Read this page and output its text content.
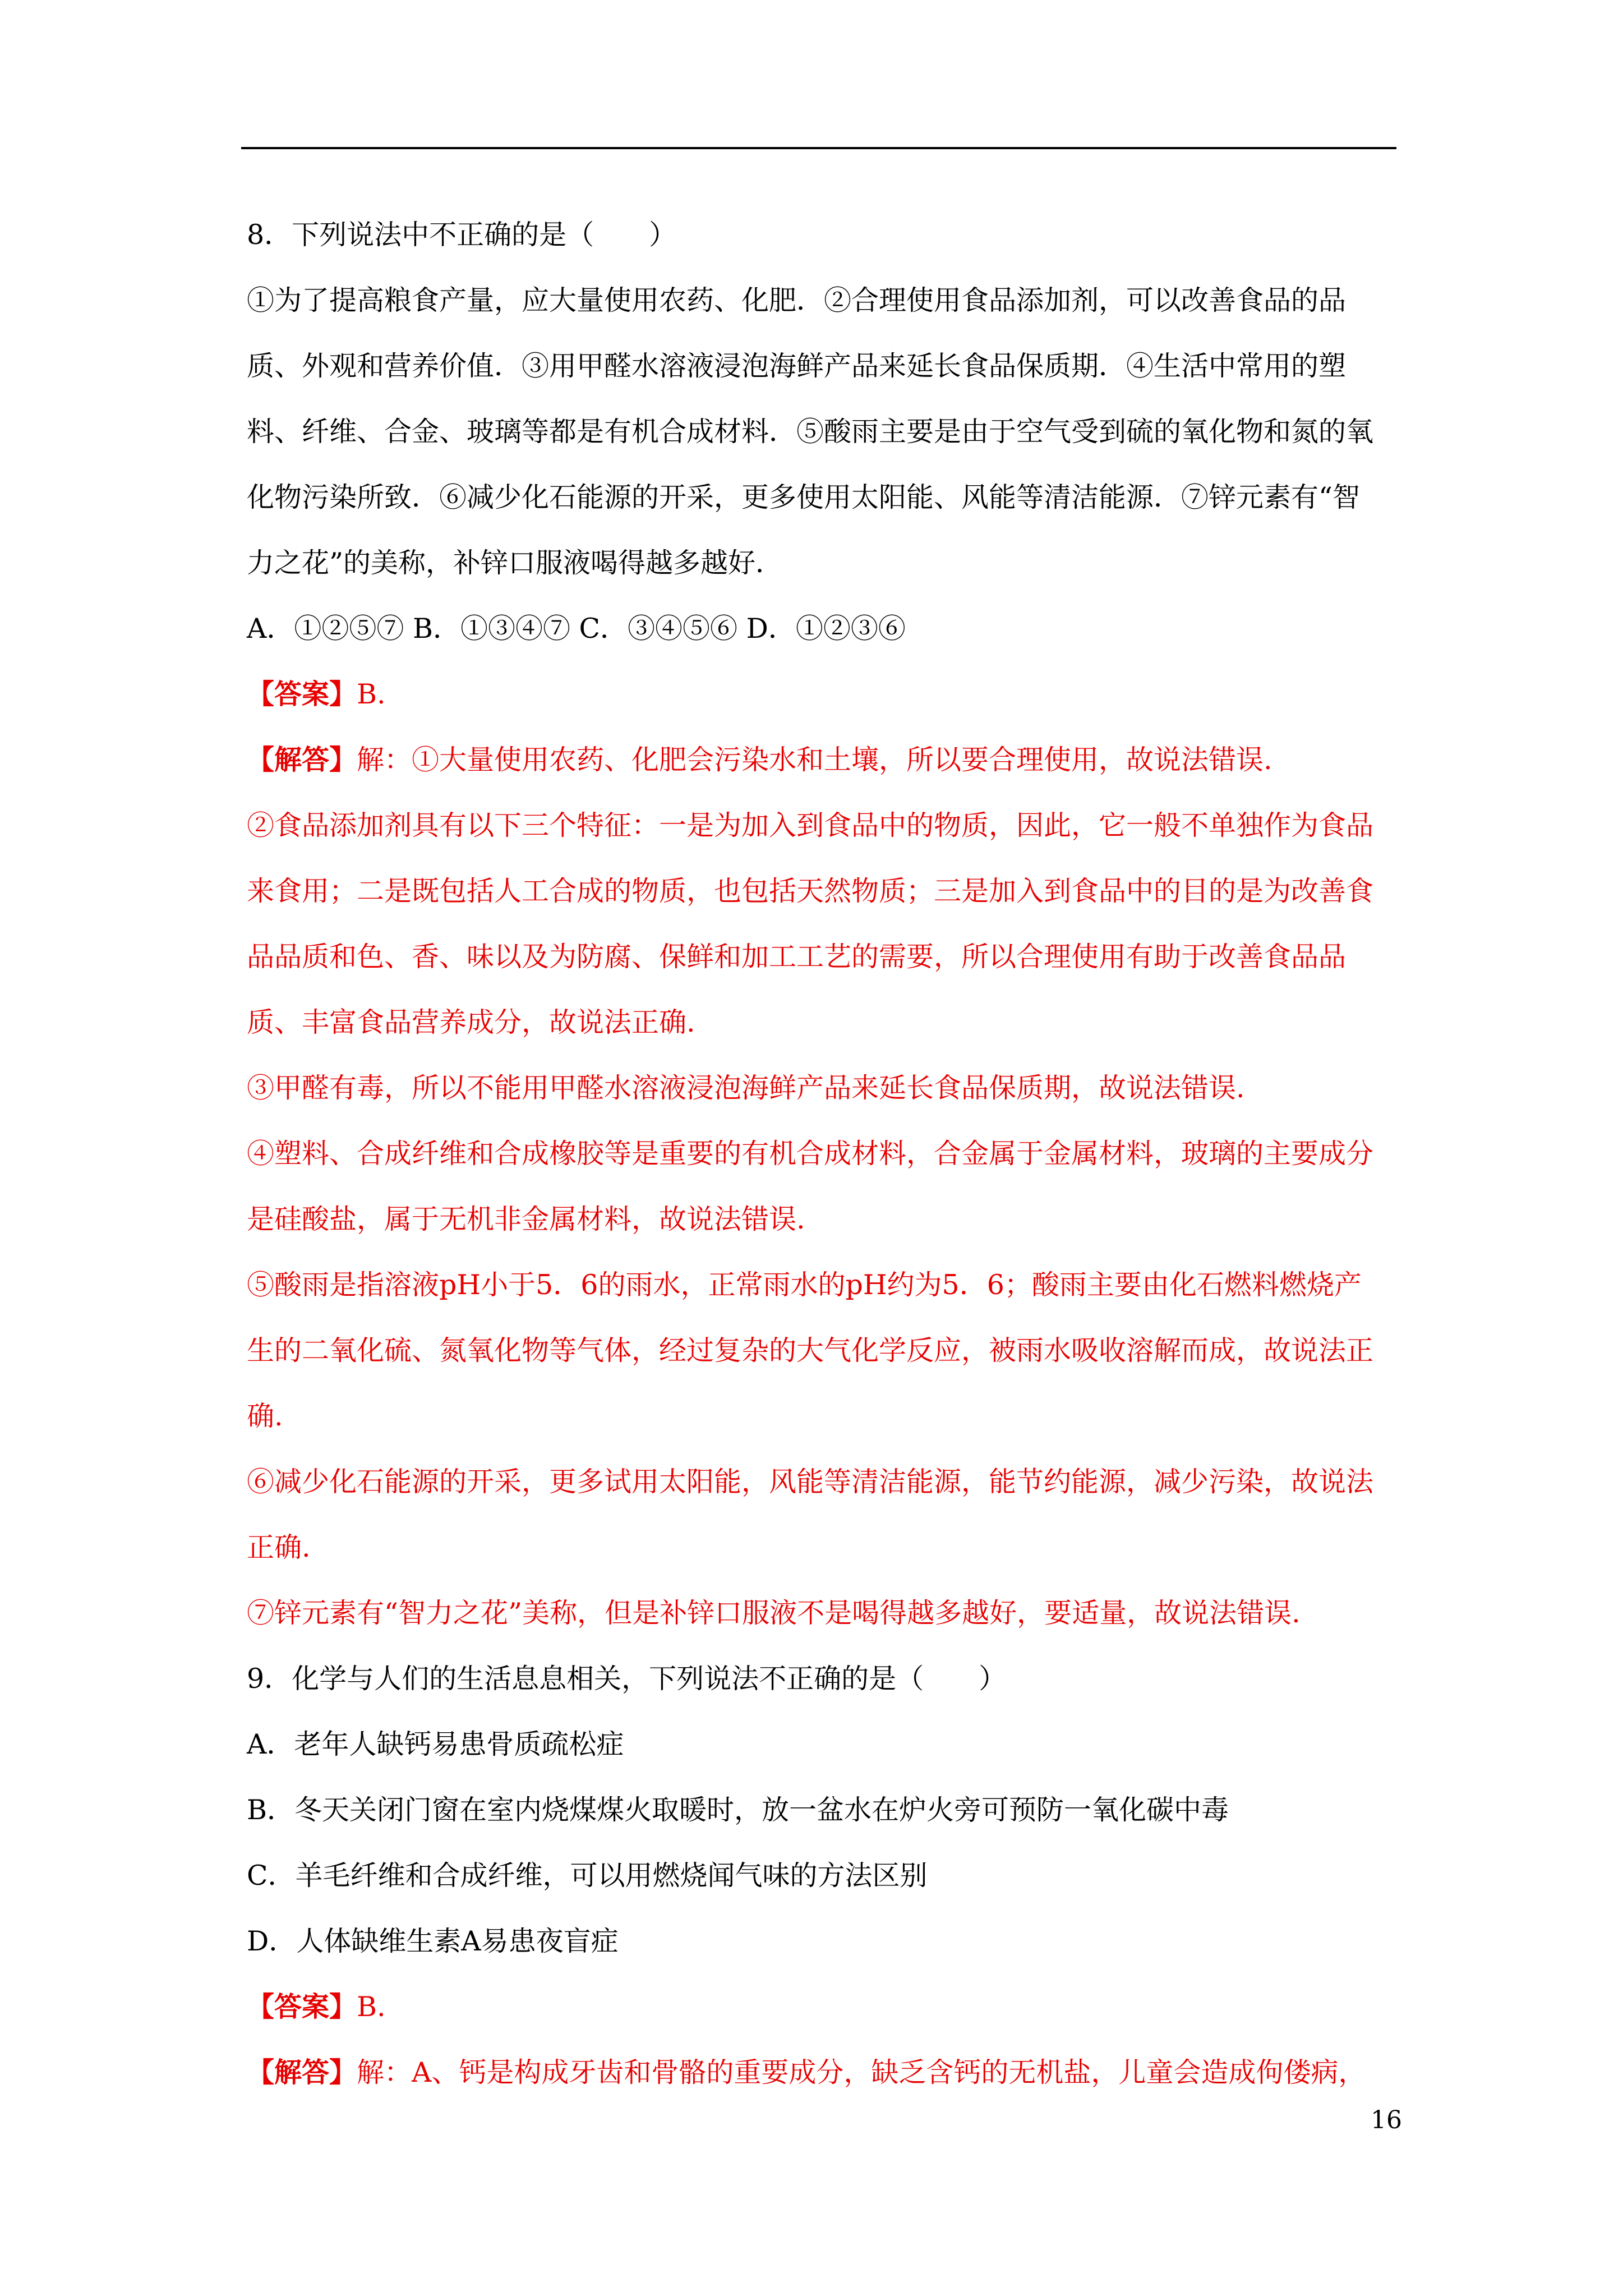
8．下列说法中不正确的是（　　）

①为了提高粮食产量，应大量使用农药、化肥．②合理使用食品添加剂，可以改善食品的品质、外观和营养价值．③用甲醛水溶液浸泡海鲜产品来延长食品保质期．④生活中常用的塑料、纤维、合金、玻璃等都是有机合成材料．⑤酸雨主要是由于空气受到硫的氧化物和氮的氧化物污染所致．⑥减少化石能源的开采，更多使用太阳能、风能等清洁能源．⑦锌元素有“智力之花”的美称，补锌口服液喝得越多越好．

A．①②⑤⑦ B．①③④⑦ C．③④⑤⑥ D．①②③⑥

【答案】B.

【解答】解：①大量使用农药、化肥会污染水和土壤，所以要合理使用，故说法错误.

②食品添加剂具有以下三个特征：一是为加入到食品中的物质，因此，它一般不单独作为食品来食用；二是既包括人工合成的物质，也包括天然物质；三是加入到食品中的目的是为改善食品品质和色、香、味以及为防腐、保鲜和加工工艺的需要，所以合理使用有助于改善食品品质、丰富食品营养成分，故说法正确.

③甲醛有毒，所以不能用甲醛水溶液浸泡海鲜产品来延长食品保质期，故说法错误.

④塑料、合成纤维和合成橡胶等是重要的有机合成材料，合金属于金属材料，玻璃的主要成分是硅酸盐，属于无机非金属材料，故说法错误.

⑤酸雨是指溶液pH小于5．6的雨水，正常雨水的pH约为5．6；酸雨主要由化石燃料燃烧产生的二氧化硫、氮氧化物等气体，经过复杂的大气化学反应，被雨水吸收溶解而成，故说法正确.

⑥减少化石能源的开采，更多试用太阳能，风能等清洁能源，能节约能源，减少污染，故说法正确.

⑦锌元素有“智力之花”美称，但是补锌口服液不是喝得越多越好，要适量，故说法错误.

9．化学与人们的生活息息相关，下列说法不正确的是（　　）

A．老年人缺钙易患骨质疏松症

B．冬天关闭门窗在室内烧煤煤火取暖时，放一盆水在炉火旁可预防一氧化碳中毒

C．羊毛纤维和合成纤维，可以用燃烧闻气味的方法区别

D．人体缺维生素A易患夜盲症

【答案】B.

【解答】解：A、钙是构成牙齿和骨骼的重要成分，缺乏含钙的无机盐，儿童会造成佝偻病，

16
